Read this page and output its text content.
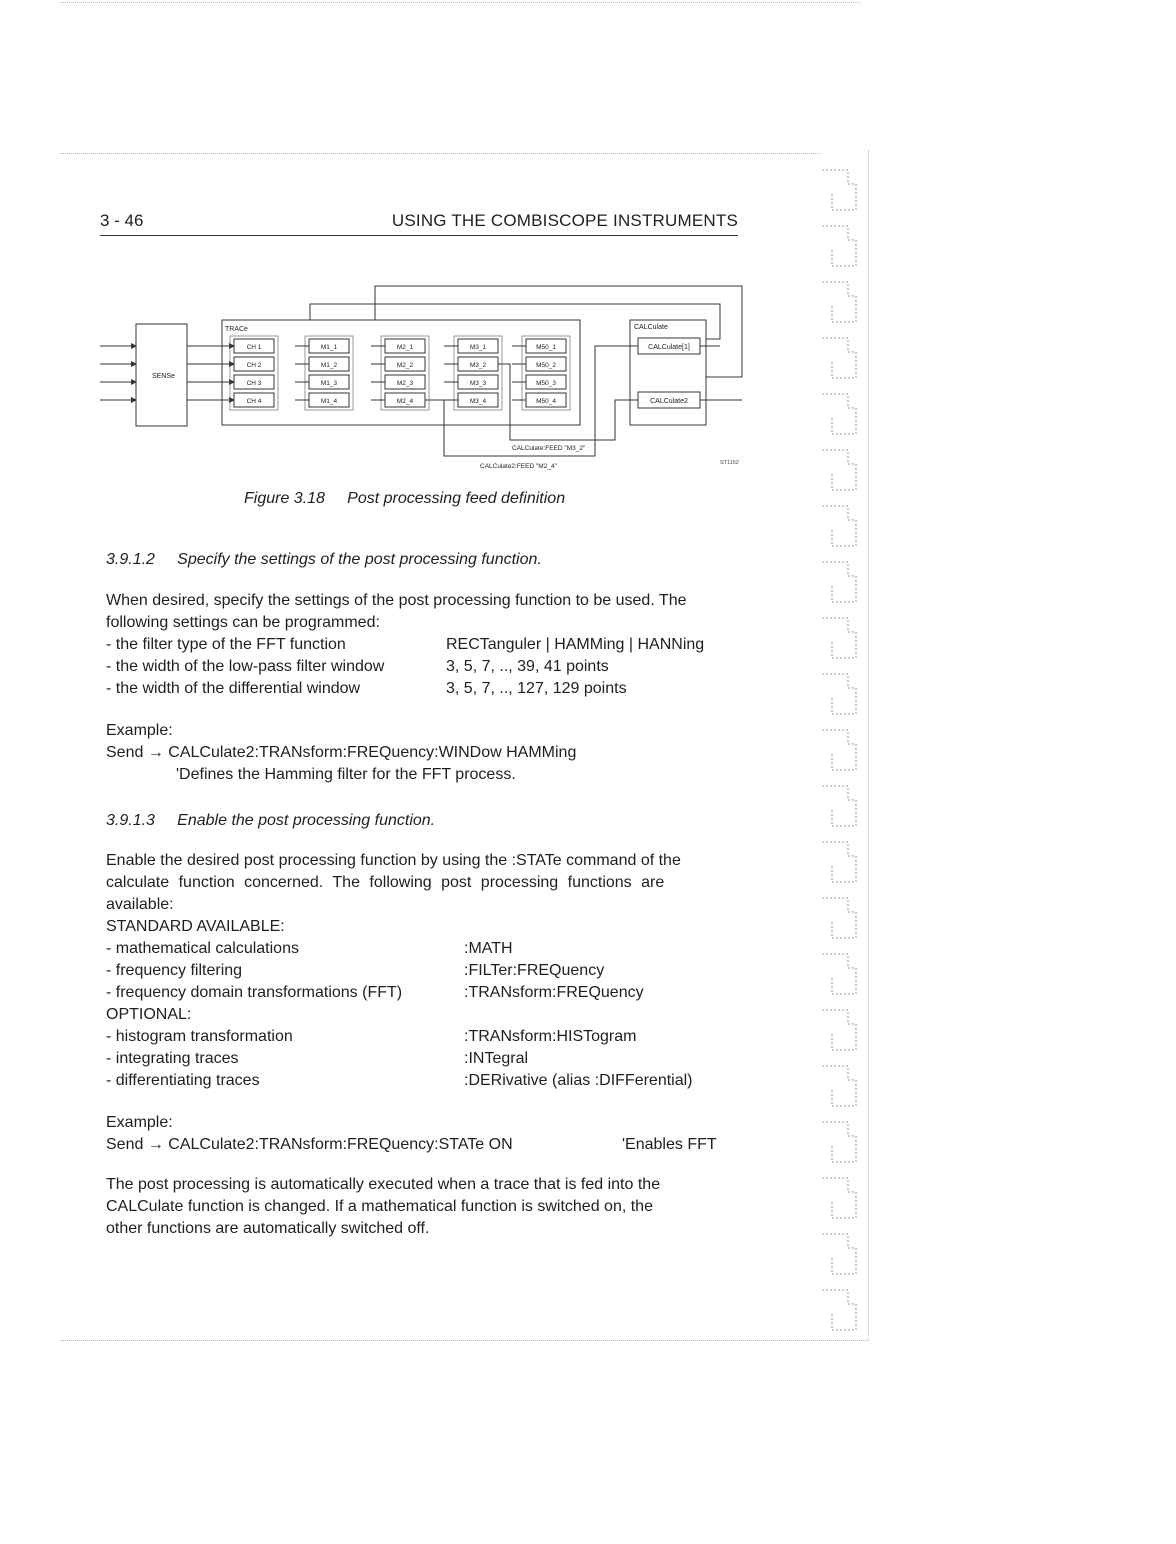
3 - 46	USING THE COMBISCOPE INSTRUMENTS
SENSe
TRACe	CALCulate
CH 1
CH 2
CH 3
CH 4
M1_1
M1_2
M1_3
M1_4
M2_1
M2_2
M2_3
M2_4
M3_1
M3_2
M3_3
M3_4
M50_1
M50_2
M50_3
M50_4
CALCulate[1]
CALCulate2
CALCulate:FEED "M3_2"
CALCulate2:FEED "M2_4"	ST1152
Figure 3.18 Post processing feed definition
3.9.1.2 Specify the settings of the post processing function.
When desired, specify the settings of the post processing function to be used. The
following settings can be programmed:
- the filter type of the FFT function	RECTanguler | HAMMing | HANNing
- the width of the low-pass filter window	3, 5, 7, .., 39, 41 points
- the width of the differential window	3, 5, 7, .., 127, 129 points
Example:
Send → CALCulate2:TRANsform:FREQuency:WINDow HAMMing
'Defines the Hamming filter for the FFT process.
3.9.1.3 Enable the post processing function.
Enable the desired post processing function by using the :STATe command of the
calculate function concerned. The following post processing functions are
available:
STANDARD AVAILABLE:
- mathematical calculations	:MATH
- frequency filtering	:FILTer:FREQuency
- frequency domain transformations (FFT)	:TRANsform:FREQuency
OPTIONAL:
- histogram transformation	:TRANsform:HISTogram
- integrating traces	:INTegral
- differentiating traces	:DERivative (alias :DIFFerential)
Example:
Send → CALCulate2:TRANsform:FREQuency:STATe ON	'Enables FFT
The post processing is automatically executed when a trace that is fed into the
CALCulate function is changed. If a mathematical function is switched on, the
other functions are automatically switched off.
